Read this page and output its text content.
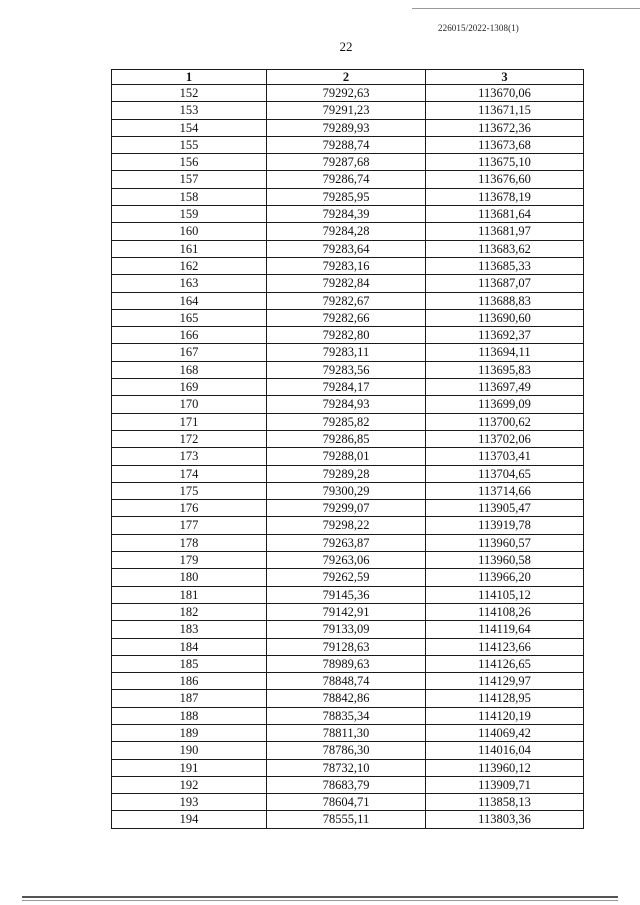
226015/2022-1308(1)
22
1	2	3
152	79292,63	113670,06
153	79291,23	113671,15
154	79289,93	113672,36
155	79288,74	113673,68
156	79287,68	113675,10
157	79286,74	113676,60
158	79285,95	113678,19
159	79284,39	113681,64
160	79284,28	113681,97
161	79283,64	113683,62
162	79283,16	113685,33
163	79282,84	113687,07
164	79282,67	113688,83
165	79282,66	113690,60
166	79282,80	113692,37
167	79283,11	113694,11
168	79283,56	113695,83
169	79284,17	113697,49
170	79284,93	113699,09
171	79285,82	113700,62
172	79286,85	113702,06
173	79288,01	113703,41
174	79289,28	113704,65
175	79300,29	113714,66
176	79299,07	113905,47
177	79298,22	113919,78
178	79263,87	113960,57
179	79263,06	113960,58
180	79262,59	113966,20
181	79145,36	114105,12
182	79142,91	114108,26
183	79133,09	114119,64
184	79128,63	114123,66
185	78989,63	114126,65
186	78848,74	114129,97
187	78842,86	114128,95
188	78835,34	114120,19
189	78811,30	114069,42
190	78786,30	114016,04
191	78732,10	113960,12
192	78683,79	113909,71
193	78604,71	113858,13
194	78555,11	113803,36
